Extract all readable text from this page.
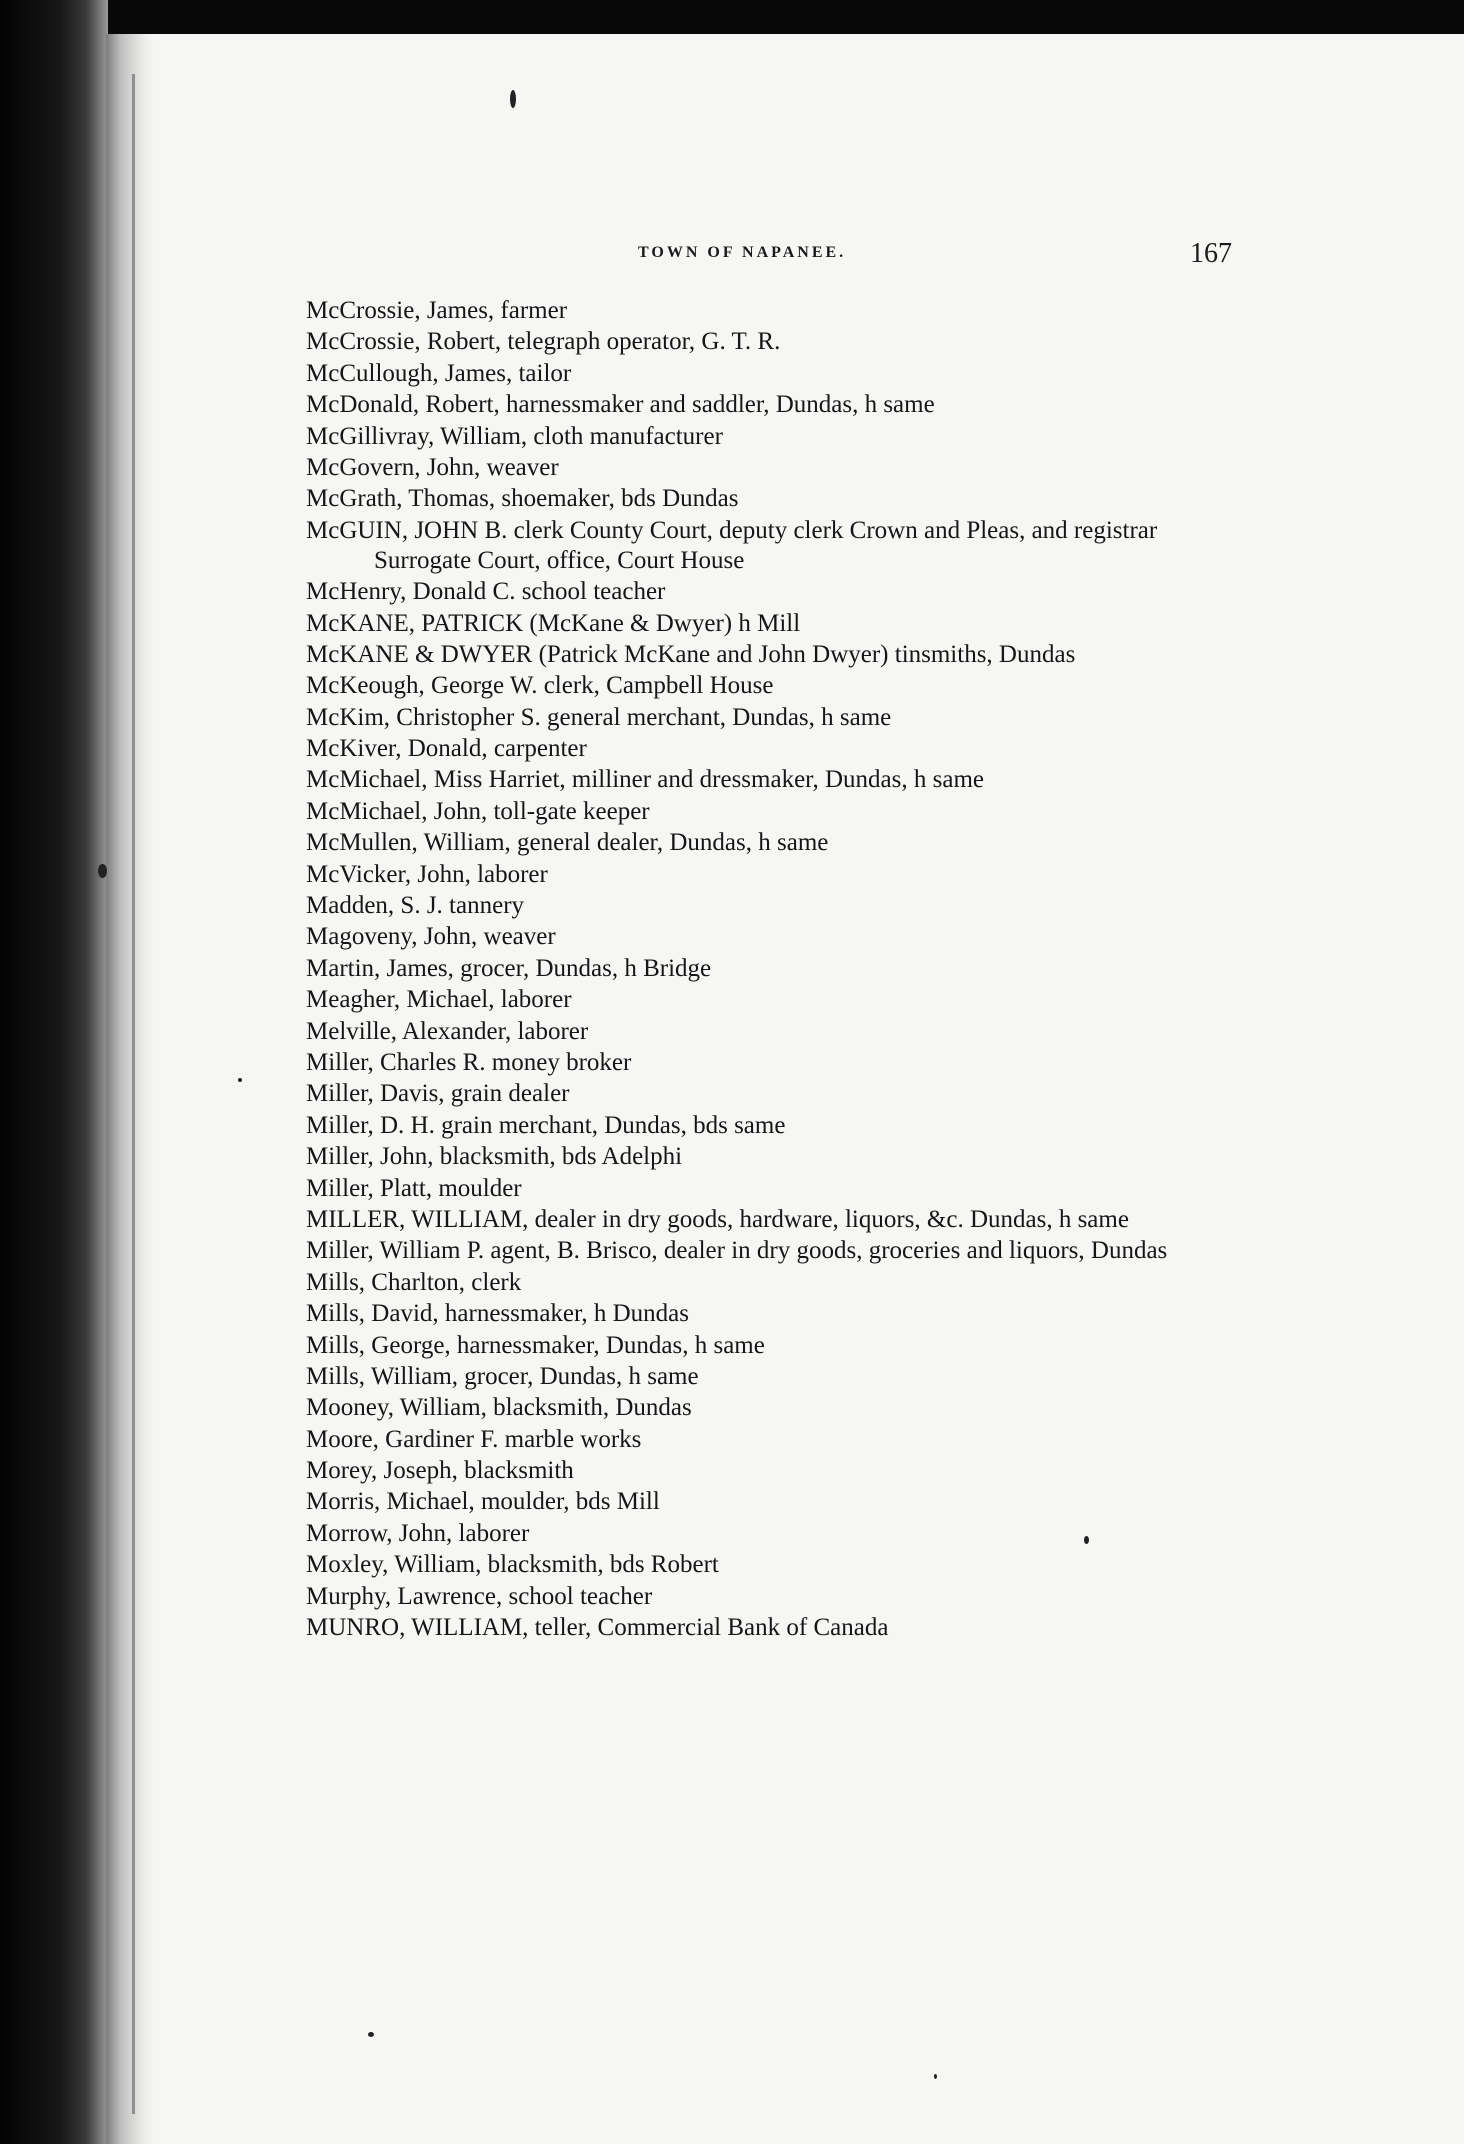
TOWN OF NAPANEE.	167

McCrossie, James, farmer

McCrossie, Robert, telegraph operator, G. T. R.

McCullough, James, tailor

McDonald, Robert, harnessmaker and saddler, Dundas, h same

McGillivray, William, cloth manufacturer

McGovern, John, weaver

McGrath, Thomas, shoemaker, bds Dundas

McGUIN, JOHN B. clerk County Court, deputy clerk Crown and Pleas, and registrar Surrogate Court, office, Court House

McHenry, Donald C. school teacher

McKANE, PATRICK (McKane & Dwyer) h Mill

McKANE & DWYER (Patrick McKane and John Dwyer) tinsmiths, Dundas

McKeough, George W. clerk, Campbell House

McKim, Christopher S. general merchant, Dundas, h same

McKiver, Donald, carpenter

McMichael, Miss Harriet, milliner and dressmaker, Dundas, h same

McMichael, John, toll-gate keeper

McMullen, William, general dealer, Dundas, h same

McVicker, John, laborer

Madden, S. J. tannery

Magoveny, John, weaver

Martin, James, grocer, Dundas, h Bridge

Meagher, Michael, laborer

Melville, Alexander, laborer

Miller, Charles R. money broker

Miller, Davis, grain dealer

Miller, D. H. grain merchant, Dundas, bds same

Miller, John, blacksmith, bds Adelphi

Miller, Platt, moulder

MILLER, WILLIAM, dealer in dry goods, hardware, liquors, &c. Dundas, h same

Miller, William P. agent, B. Brisco, dealer in dry goods, groceries and liquors, Dundas

Mills, Charlton, clerk

Mills, David, harnessmaker, h Dundas

Mills, George, harnessmaker, Dundas, h same

Mills, William, grocer, Dundas, h same

Mooney, William, blacksmith, Dundas

Moore, Gardiner F. marble works

Morey, Joseph, blacksmith

Morris, Michael, moulder, bds Mill

Morrow, John, laborer

Moxley, William, blacksmith, bds Robert

Murphy, Lawrence, school teacher

MUNRO, WILLIAM, teller, Commercial Bank of Canada
